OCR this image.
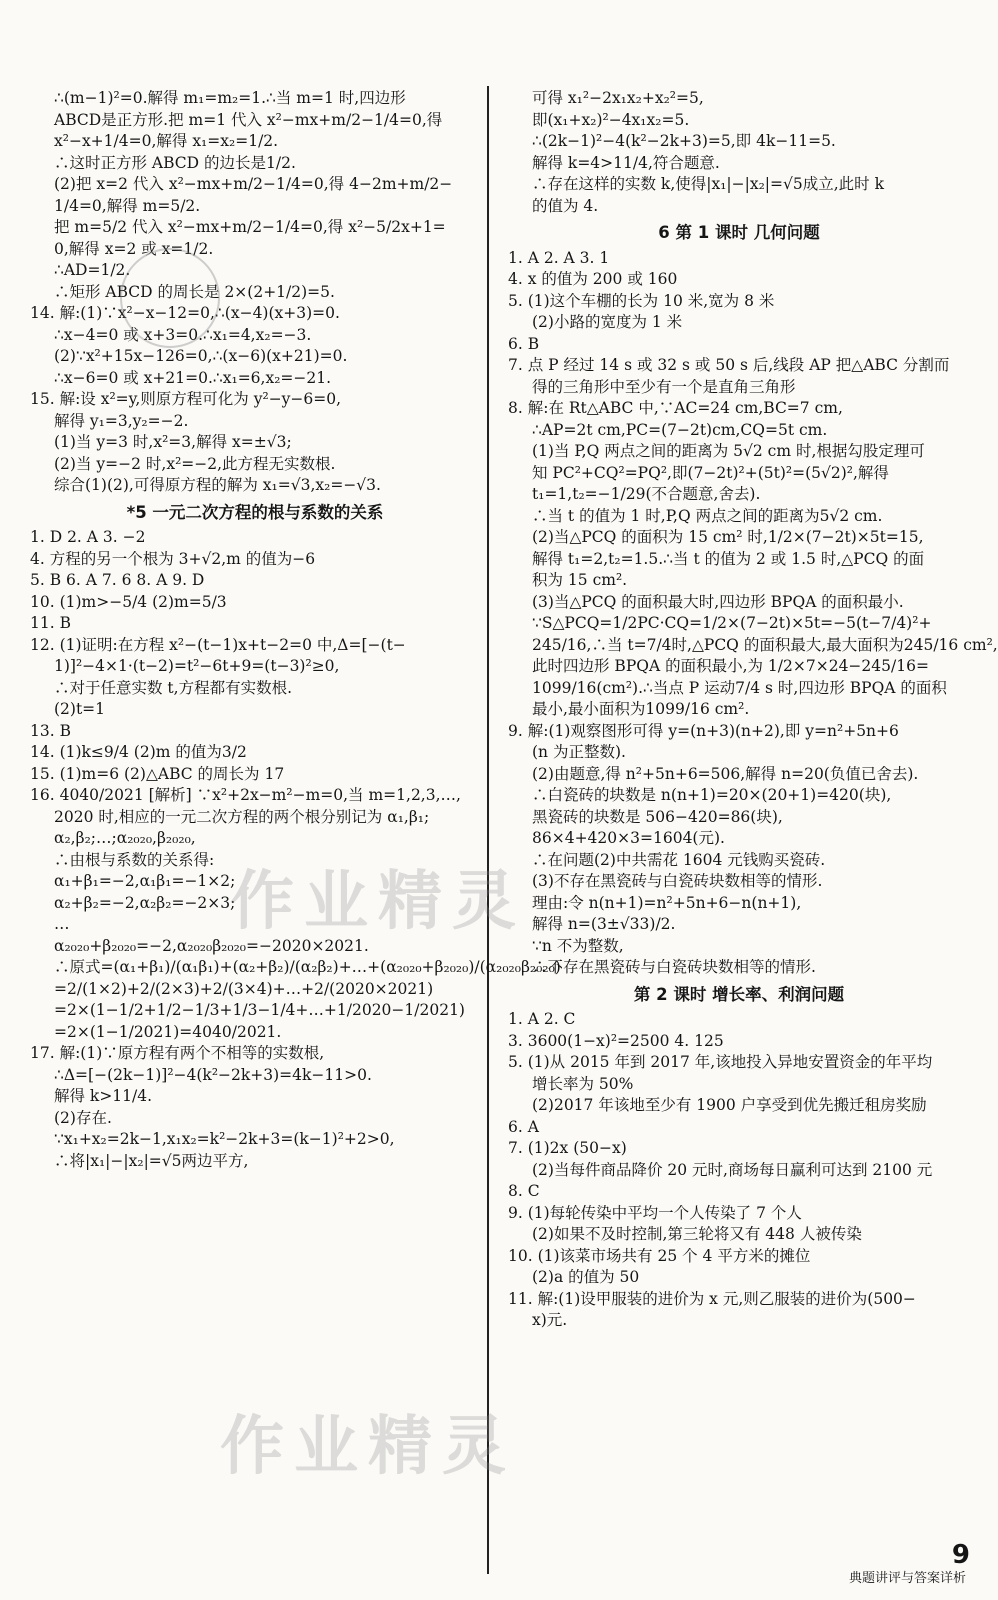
∴(m−1)²=0.解得 m₁=m₂=1.∴当 m=1 时,四边形
ABCD是正方形.把 m=1 代入 x²−mx+m/2−1/4=0,得
x²−x+1/4=0,解得 x₁=x₂=1/2.
∴这时正方形 ABCD 的边长是1/2.
(2)把 x=2 代入 x²−mx+m/2−1/4=0,得 4−2m+m/2−
1/4=0,解得 m=5/2.
把 m=5/2 代入 x²−mx+m/2−1/4=0,得 x²−5/2x+1=
0,解得 x=2 或 x=1/2.
∴AD=1/2.
∴矩形 ABCD 的周长是 2×(2+1/2)=5.
14. 解:(1)∵x²−x−12=0,∴(x−4)(x+3)=0.
∴x−4=0 或 x+3=0.∴x₁=4,x₂=−3.
(2)∵x²+15x−126=0,∴(x−6)(x+21)=0.
∴x−6=0 或 x+21=0.∴x₁=6,x₂=−21.
15. 解:设 x²=y,则原方程可化为 y²−y−6=0,
解得 y₁=3,y₂=−2.
(1)当 y=3 时,x²=3,解得 x=±√3;
(2)当 y=−2 时,x²=−2,此方程无实数根.
综合(1)(2),可得原方程的解为 x₁=√3,x₂=−√3.
*5 一元二次方程的根与系数的关系
1. D 2. A 3. −2
4. 方程的另一个根为 3+√2,m 的值为−6
5. B 6. A 7. 6 8. A 9. D
10. (1)m>−5/4 (2)m=5/3
11. B
12. (1)证明:在方程 x²−(t−1)x+t−2=0 中,Δ=[−(t−
1)]²−4×1·(t−2)=t²−6t+9=(t−3)²≥0,
∴对于任意实数 t,方程都有实数根.
(2)t=1
13. B
14. (1)k≤9/4 (2)m 的值为3/2
15. (1)m=6 (2)△ABC 的周长为 17
16. 4040/2021 [解析] ∵x²+2x−m²−m=0,当 m=1,2,3,…,
2020 时,相应的一元二次方程的两个根分别记为 α₁,β₁;
α₂,β₂;…;α₂₀₂₀,β₂₀₂₀,
∴由根与系数的关系得:
α₁+β₁=−2,α₁β₁=−1×2;
α₂+β₂=−2,α₂β₂=−2×3;
…
α₂₀₂₀+β₂₀₂₀=−2,α₂₀₂₀β₂₀₂₀=−2020×2021.
∴原式=(α₁+β₁)/(α₁β₁)+(α₂+β₂)/(α₂β₂)+…+(α₂₀₂₀+β₂₀₂₀)/(α₂₀₂₀β₂₀₂₀)
=2/(1×2)+2/(2×3)+2/(3×4)+…+2/(2020×2021)
=2×(1−1/2+1/2−1/3+1/3−1/4+…+1/2020−1/2021)
=2×(1−1/2021)=4040/2021.
17. 解:(1)∵原方程有两个不相等的实数根,
∴Δ=[−(2k−1)]²−4(k²−2k+3)=4k−11>0.
解得 k>11/4.
(2)存在.
∵x₁+x₂=2k−1,x₁x₂=k²−2k+3=(k−1)²+2>0,
∴将|x₁|−|x₂|=√5两边平方,
可得 x₁²−2x₁x₂+x₂²=5,
即(x₁+x₂)²−4x₁x₂=5.
∴(2k−1)²−4(k²−2k+3)=5,即 4k−11=5.
解得 k=4>11/4,符合题意.
∴存在这样的实数 k,使得|x₁|−|x₂|=√5成立,此时 k
的值为 4.
6 第 1 课时 几何问题
1. A 2. A 3. 1
4. x 的值为 200 或 160
5. (1)这个车棚的长为 10 米,宽为 8 米
(2)小路的宽度为 1 米
6. B
7. 点 P 经过 14 s 或 32 s 或 50 s 后,线段 AP 把△ABC 分割而
得的三角形中至少有一个是直角三角形
8. 解:在 Rt△ABC 中,∵AC=24 cm,BC=7 cm,
∴AP=2t cm,PC=(7−2t)cm,CQ=5t cm.
(1)当 P,Q 两点之间的距离为 5√2 cm 时,根据勾股定理可
知 PC²+CQ²=PQ²,即(7−2t)²+(5t)²=(5√2)²,解得
t₁=1,t₂=−1/29(不合题意,舍去).
∴当 t 的值为 1 时,P,Q 两点之间的距离为5√2 cm.
(2)当△PCQ 的面积为 15 cm² 时,1/2×(7−2t)×5t=15,
解得 t₁=2,t₂=1.5.∴当 t 的值为 2 或 1.5 时,△PCQ 的面
积为 15 cm².
(3)当△PCQ 的面积最大时,四边形 BPQA 的面积最小.
∵S△PCQ=1/2PC·CQ=1/2×(7−2t)×5t=−5(t−7/4)²+
245/16,∴当 t=7/4时,△PCQ 的面积最大,最大面积为245/16 cm²,
此时四边形 BPQA 的面积最小,为 1/2×7×24−245/16=
1099/16(cm²).∴当点 P 运动7/4 s 时,四边形 BPQA 的面积
最小,最小面积为1099/16 cm².
9. 解:(1)观察图形可得 y=(n+3)(n+2),即 y=n²+5n+6
(n 为正整数).
(2)由题意,得 n²+5n+6=506,解得 n=20(负值已舍去).
∴白瓷砖的块数是 n(n+1)=20×(20+1)=420(块),
黑瓷砖的块数是 506−420=86(块),
86×4+420×3=1604(元).
∴在问题(2)中共需花 1604 元钱购买瓷砖.
(3)不存在黑瓷砖与白瓷砖块数相等的情形.
理由:令 n(n+1)=n²+5n+6−n(n+1),
解得 n=(3±√33)/2.
∵n 不为整数,
∴不存在黑瓷砖与白瓷砖块数相等的情形.
第 2 课时 增长率、利润问题
1. A 2. C
3. 3600(1−x)²=2500 4. 125
5. (1)从 2015 年到 2017 年,该地投入异地安置资金的年平均
增长率为 50%
(2)2017 年该地至少有 1900 户享受到优先搬迁租房奖励
6. A
7. (1)2x (50−x)
(2)当每件商品降价 20 元时,商场每日赢利可达到 2100 元
8. C
9. (1)每轮传染中平均一个人传染了 7 个人
(2)如果不及时控制,第三轮将又有 448 人被传染
10. (1)该菜市场共有 25 个 4 平方米的摊位
(2)a 的值为 50
11. 解:(1)设甲服装的进价为 x 元,则乙服装的进价为(500−
x)元.
作业精灵
作业精灵
9
典题讲评与答案详析
